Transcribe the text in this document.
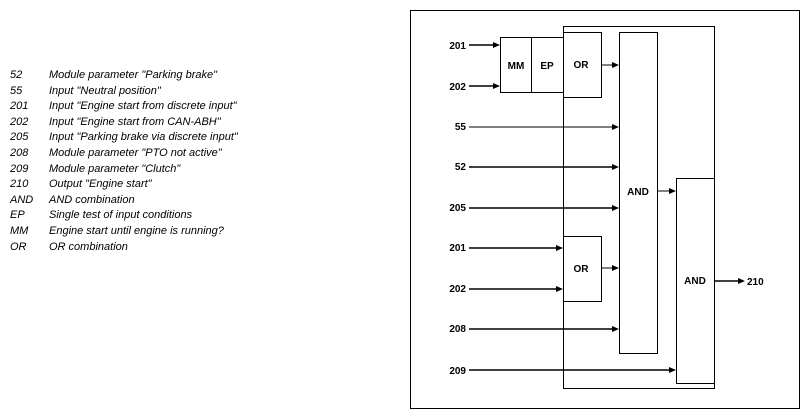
52 Module parameter "Parking brake"
55 Input "Neutral position"
201 Input "Engine start from discrete input"
202 Input "Engine start from CAN-ABH"
205 Input "Parking brake via discrete input"
208 Module parameter "PTO not active"
209 Module parameter "Clutch"
210 Output "Engine start"
AND AND combination
EP Single test of input conditions
MM Engine start until engine is running?
OR OR combination
MM EP OR
OR
AND
AND
201
202
55
52
205
201
202
208
209
210
